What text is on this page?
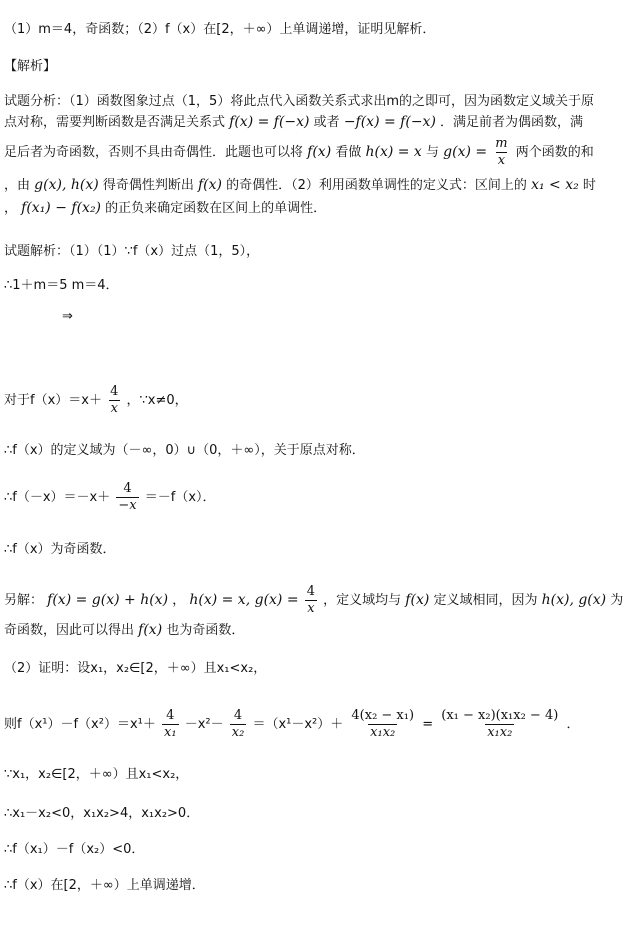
（1）m＝4，奇函数；（2）f（x）在[2，＋∞）上单调递增，证明见解析．
【解析】
试题分析：（1）函数图象过点（1，5）将此点代入函数关系式求出m的之即可，因为函数定义域关于原
点对称，需要判断函数是否满足关系式 f(x) = f(−x) 或者 −f(x) = f(−x) ．满足前者为偶函数，满
足后者为奇函数，否则不具由奇偶性．此题也可以将 f(x) 看做 h(x) = x 与 $g(x) = \frac{m}{x}$ 两个函数的和
，由 g(x), h(x) 得奇偶性判断出 f(x) 的奇偶性．（2）利用函数单调性的定义式：区间上的 x₁ < x₂ 时
， f(x₁) − f(x₂) 的正负来确定函数在区间上的单调性．
试题解析：（1）（1）∵f（x）过点（1，5），
∴1＋m＝5 m＝4．
⇒
对于$f(x)=x+ \frac{4}{x}$ ，∵x≠0，
∴f（x）的定义域为（－∞，0）∪（0，＋∞），关于原点对称．
∴f（－x）＝－x＋ $\frac{4}{-x} =-f(x)$．
∴f（x）为奇函数．
另解： f(x) = g(x) + h(x) ， h(x) = x, $g(x) = \frac{4}{x}$ ，定义域均与 f(x) 定义域相同，因为 h(x), g(x) 为
奇函数，因此可以得出 f(x) 也为奇函数．
（2）证明：设x₁，x₂∈[2，＋∞）且x₁<x₂，
则$f(x^1)-f(x^2)=x^1+ \frac{4}{\text{x₁}} -x^2- \frac{4}{\text{x₂}} =(x^1-x^2)+ \frac{\text{4(x₂ − x₁)}}{\text{x₁x₂}} = \frac{\text{(x₁ − x₂)(x₁x₂ − 4)}}{\text{x₁x₂}}$ ．
∵x₁，x₂∈[2，＋∞）且x₁<x₂，
∴x₁－x₂<0，x₁x₂>4，x₁x₂>0．
∴f（x₁）－f（x₂）<0．
∴f（x）在[2，＋∞）上单调递增．
